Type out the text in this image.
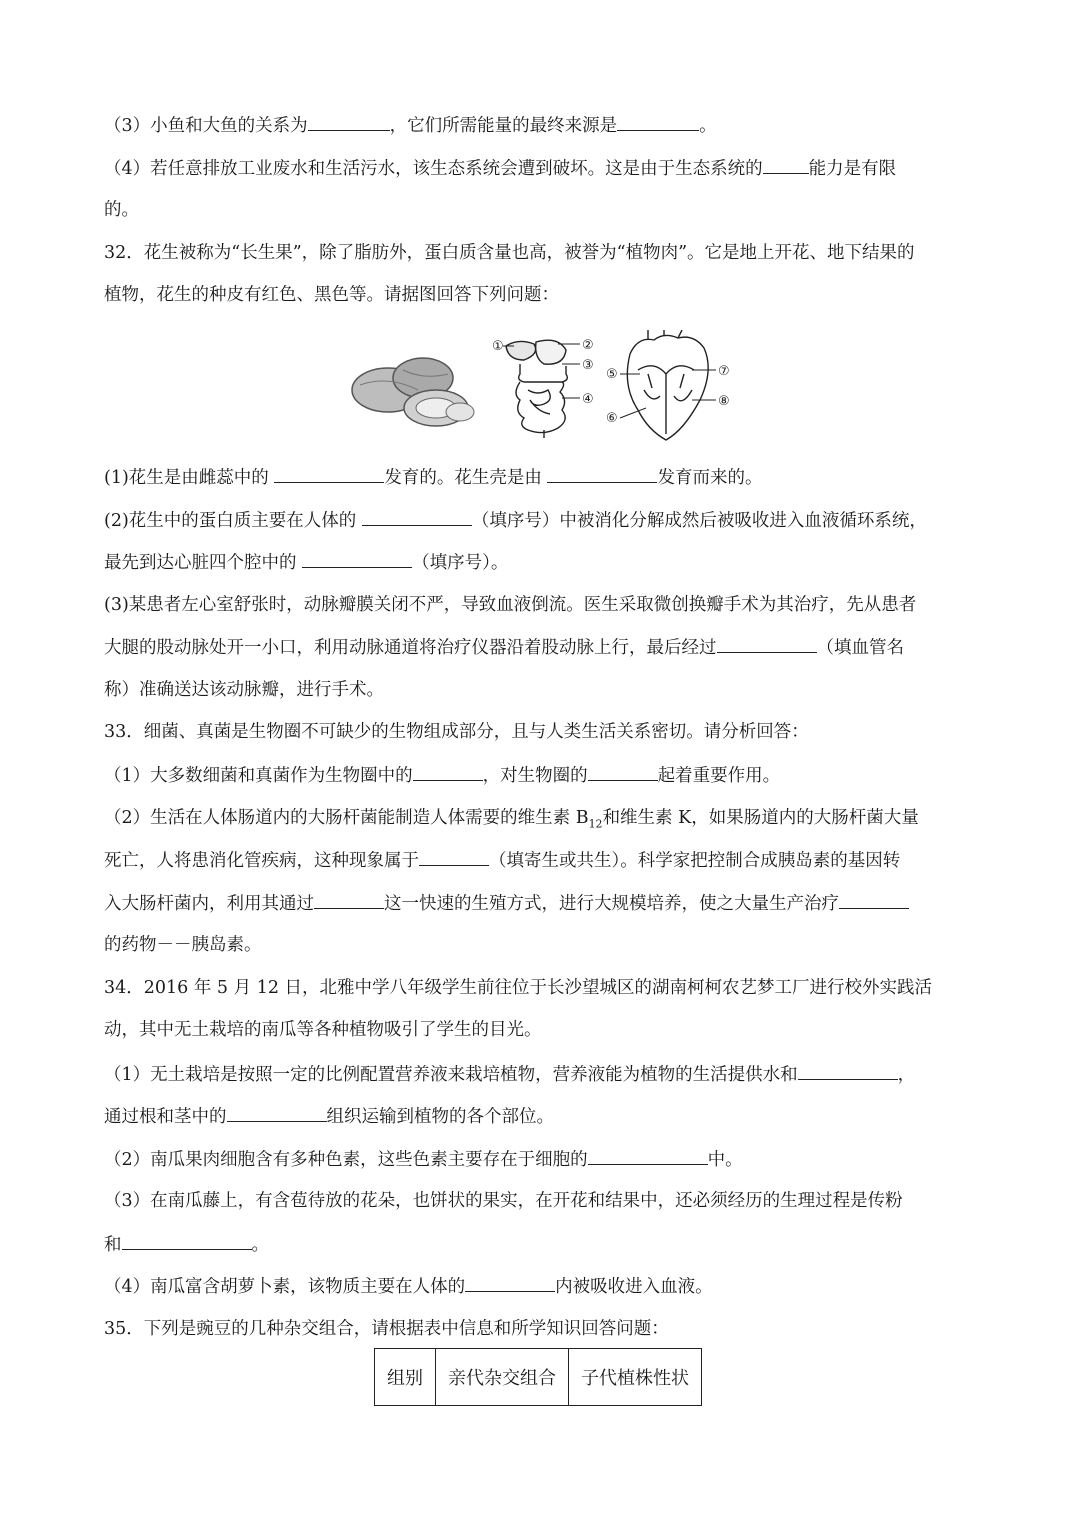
（3）小鱼和大鱼的关系为	，它们所需能量的最终来源是	。
（4）若任意排放工业废水和生活污水，该生态系统会遭到破坏。这是由于生态系统的	能力是有限
的。
32．花生被称为“长生果”，除了脂肪外，蛋白质含量也高，被誉为“植物肉”。它是地上开花、地下结果的
植物，花生的种皮有红色、黑色等。请据图回答下列问题：
①	②
③
④
⑤
⑥
⑦
⑧
(1)花生是由雌蕊中的	发育的。花生壳是由	发育而来的。
(2)花生中的蛋白质主要在人体的	（填序号）中被消化分解成然后被吸收进入血液循环系统，
最先到达心脏四个腔中的	（填序号）。
(3)某患者左心室舒张时，动脉瓣膜关闭不严，导致血液倒流。医生采取微创换瓣手术为其治疗，先从患者
大腿的股动脉处开一小口，利用动脉通道将治疗仪器沿着股动脉上行，最后经过	（填血管名
称）准确送达该动脉瓣，进行手术。
33．细菌、真菌是生物圈不可缺少的生物组成部分，且与人类生活关系密切。请分析回答：
（1）大多数细菌和真菌作为生物圈中的	，对生物圈的	起着重要作用。
（2）生活在人体肠道内的大肠杆菌能制造人体需要的维生素 $B_{12}$和维生素 K，如果肠道内的大肠杆菌大量
死亡，人将患消化管疾病，这种现象属于	（填寄生或共生）。科学家把控制合成胰岛素的基因转
入大肠杆菌内，利用其通过	这一快速的生殖方式，进行大规模培养，使之大量生产治疗
的药物－－胰岛素。
34．2016 年 5 月 12 日，北雅中学八年级学生前往位于长沙望城区的湖南柯柯农艺梦工厂进行校外实践活
动，其中无土栽培的南瓜等各种植物吸引了学生的目光。
（1）无土栽培是按照一定的比例配置营养液来栽培植物，营养液能为植物的生活提供水和	，
通过根和茎中的	组织运输到植物的各个部位。
（2）南瓜果肉细胞含有多种色素，这些色素主要存在于细胞的	中。
（3）在南瓜藤上，有含苞待放的花朵，也饼状的果实，在开花和结果中，还必须经历的生理过程是传粉
和	。
（4）南瓜富含胡萝卜素，该物质主要在人体的	内被吸收进入血液。
35．下列是豌豆的几种杂交组合，请根据表中信息和所学知识回答问题：
组别	亲代杂交组合	子代植株性状
